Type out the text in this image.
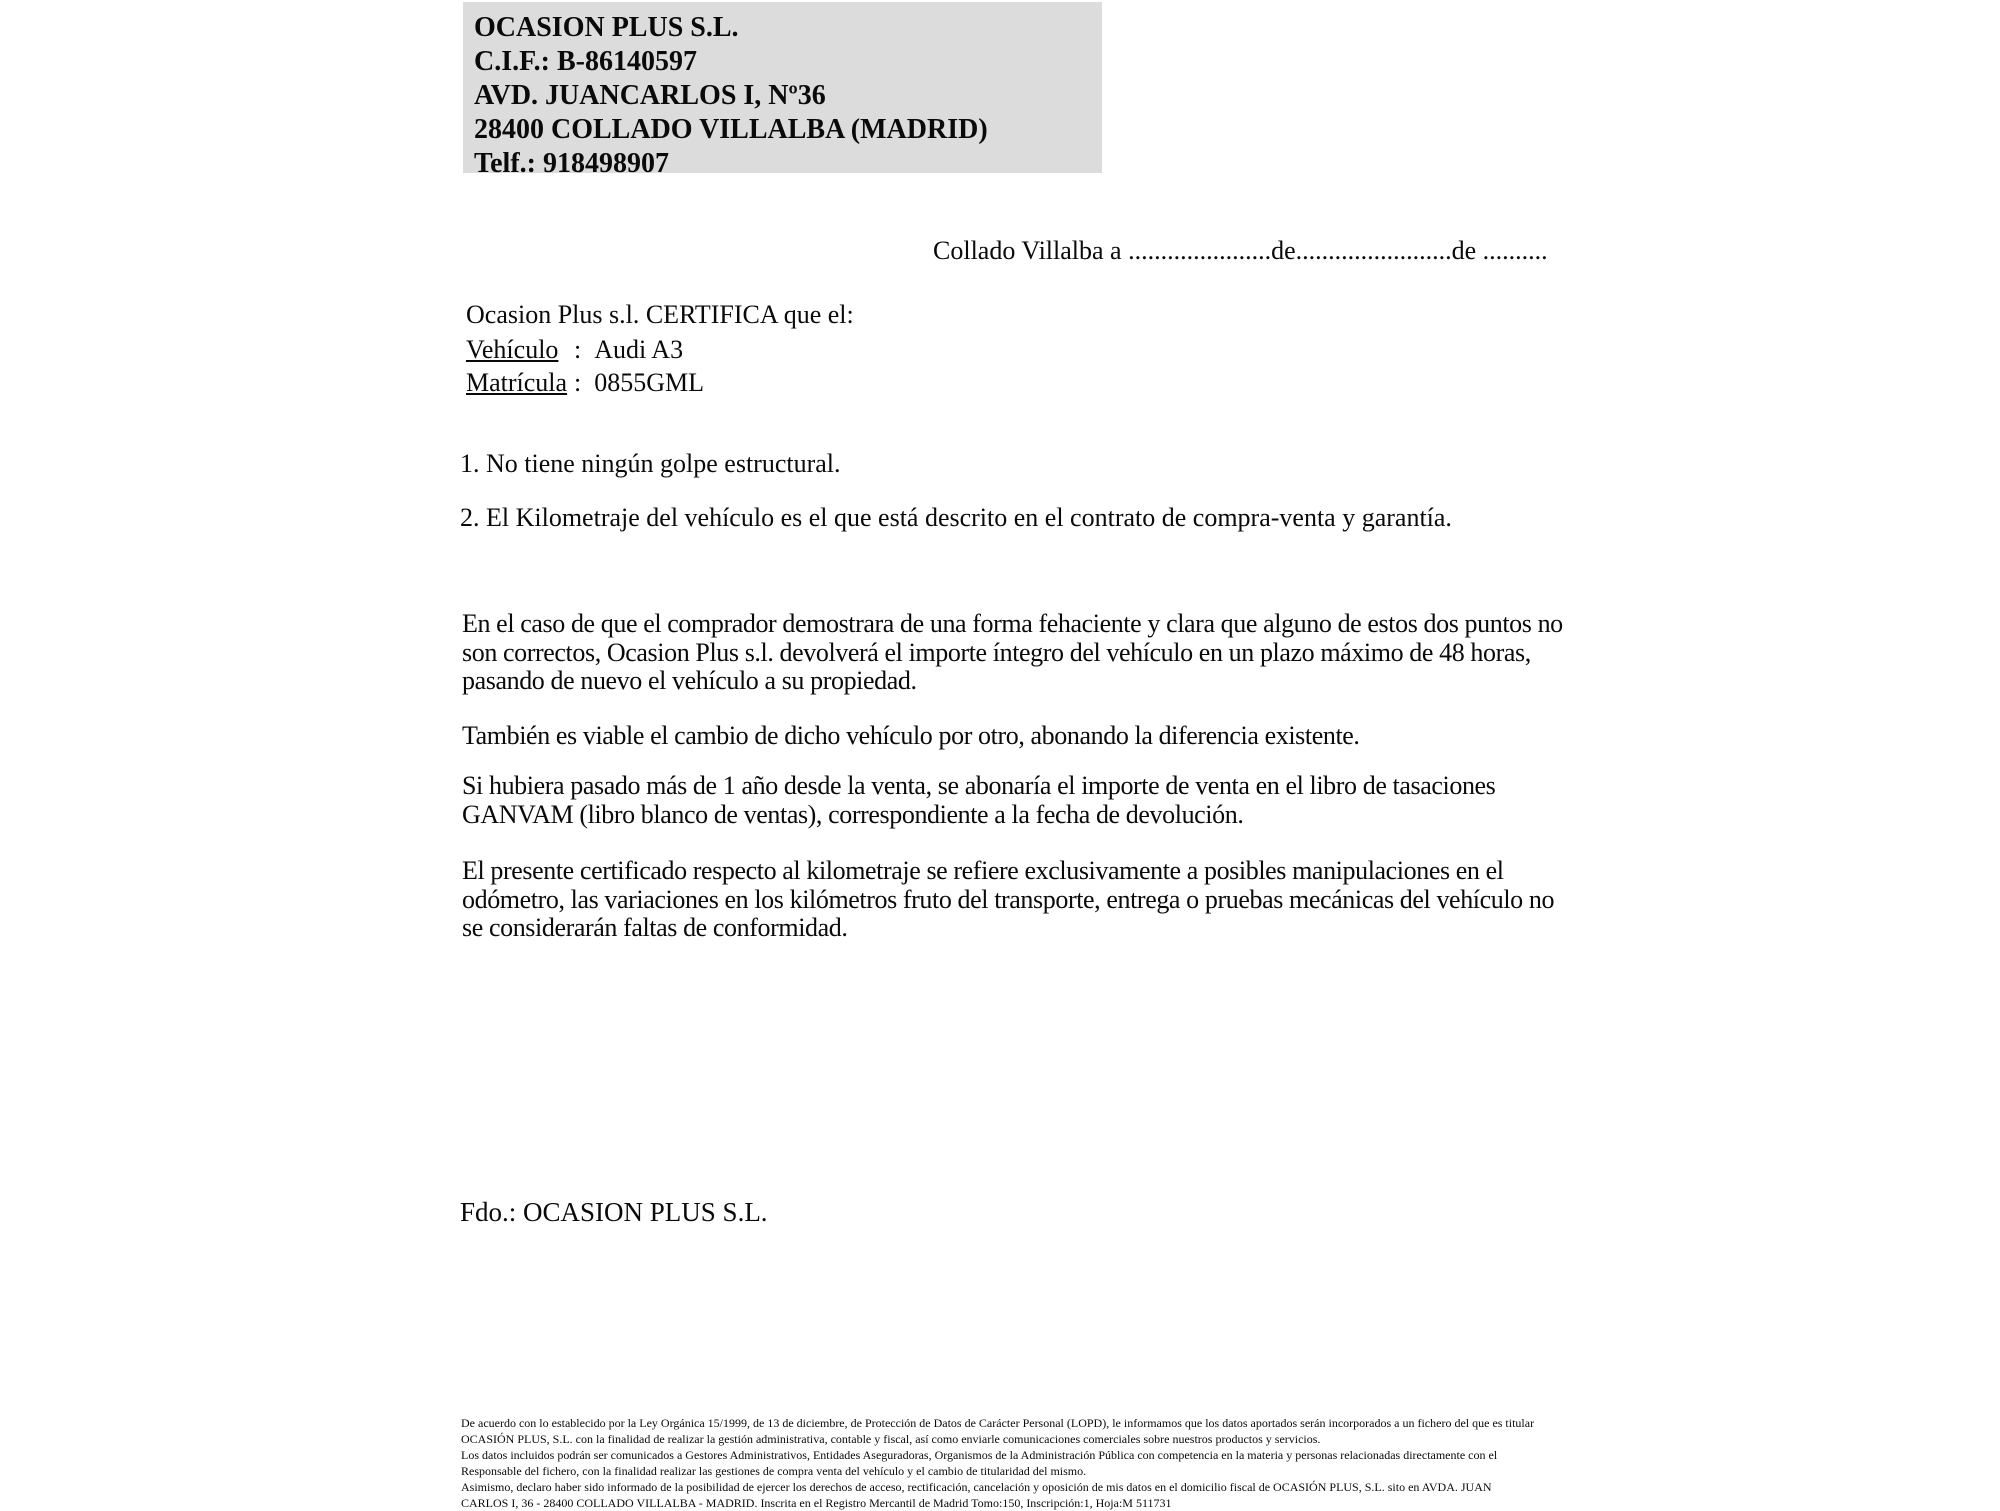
OCASION PLUS S.L.
C.I.F.: B-86140597
AVD. JUANCARLOS I, Nº36
28400 COLLADO VILLALBA (MADRID)
Telf.: 918498907
Collado Villalba a ......................de........................de ..........
Ocasion Plus s.l. CERTIFICA que el:
Vehículo : Audi A3
Matrícula : 0855GML
1. No tiene ningún golpe estructural.
2. El Kilometraje del vehículo es el que está descrito en el contrato de compra-venta y garantía.
En el caso de que el comprador demostrara de una forma fehaciente y clara que alguno de estos dos puntos no son correctos, Ocasion Plus s.l. devolverá el importe íntegro del vehículo en un plazo máximo de 48 horas, pasando de nuevo el vehículo a su propiedad.
También es viable el cambio de dicho vehículo por otro, abonando la diferencia existente.
Si hubiera pasado más de 1 año desde la venta, se abonaría el importe de venta en el libro de tasaciones GANVAM (libro blanco de ventas), correspondiente a la fecha de devolución.
El presente certificado respecto al kilometraje se refiere exclusivamente a posibles manipulaciones en el odómetro, las variaciones en los kilómetros fruto del transporte, entrega o pruebas mecánicas del vehículo no se considerarán faltas de conformidad.
Fdo.: OCASION PLUS S.L.
De acuerdo con lo establecido por la Ley Orgánica 15/1999, de 13 de diciembre, de Protección de Datos de Carácter Personal (LOPD), le informamos que los datos aportados serán incorporados a un fichero del que es titular
OCASIÓN PLUS, S.L. con la finalidad de realizar la gestión administrativa, contable y fiscal, así como enviarle comunicaciones comerciales sobre nuestros productos y servicios.
Los datos incluidos podrán ser comunicados a Gestores Administrativos, Entidades Aseguradoras, Organismos de la Administración Pública con competencia en la materia y personas relacionadas directamente con el
Responsable del fichero, con la finalidad realizar las gestiones de compra venta del vehículo y el cambio de titularidad del mismo.
Asimismo, declaro haber sido informado de la posibilidad de ejercer los derechos de acceso, rectificación, cancelación y oposición de mis datos en el domicilio fiscal de OCASIÓN PLUS, S.L. sito en AVDA. JUAN
CARLOS I, 36 - 28400 COLLADO VILLALBA - MADRID. Inscrita en el Registro Mercantil de Madrid Tomo:150, Inscripción:1, Hoja:M 511731
